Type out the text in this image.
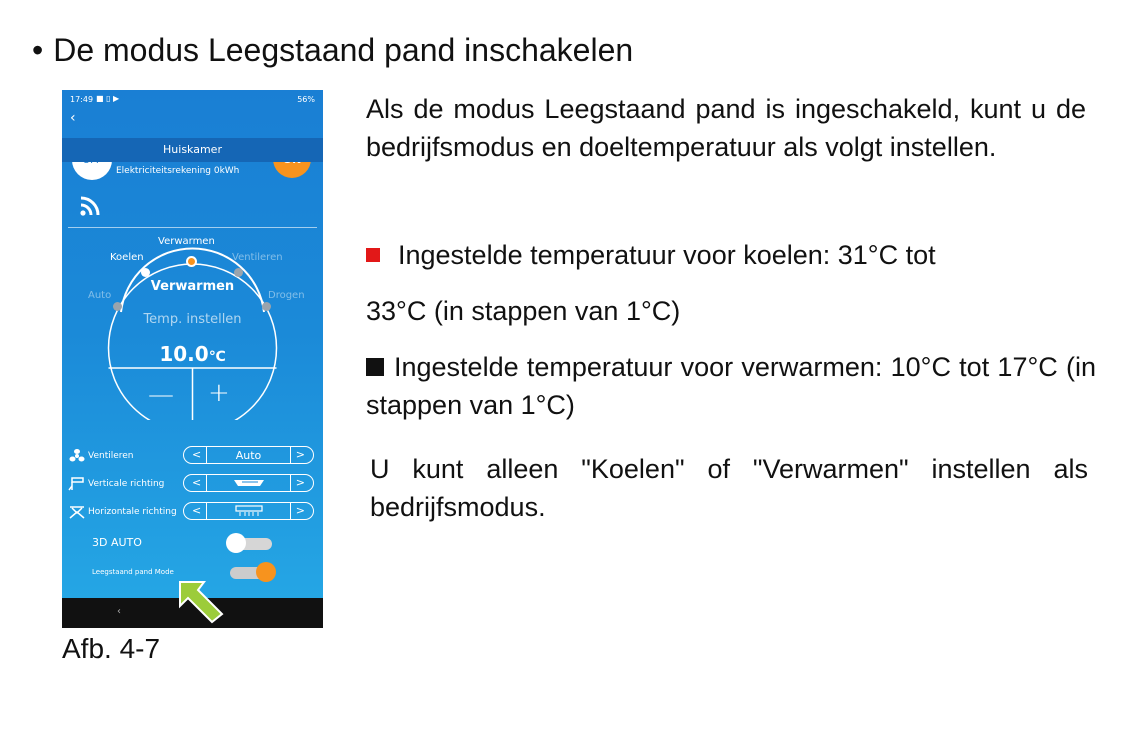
• De modus Leegstaand pand inschakelen
17:49 ■ ▯ ▶	56%
‹
Huiskamer
Elektriciteitsrekening 0kWh
Verwarmen
Koelen	Ventileren
Auto	Drogen
Verwarmen
Temp. instellen
10.0℃
— +
Ventileren	<	Auto	>
Verticale richting	<	>
Horizontale richting <	>
3D AUTO
Leegstaand pand Mode
‹
Afb. 4-7
Als de modus Leegstaand pand is ingeschakeld, kunt u de bedrijfsmodus en doeltemperatuur als volgt instellen.
Ingestelde temperatuur voor koelen: 31°C tot
33°C (in stappen van 1°C)
Ingestelde temperatuur voor verwarmen: 10°C tot 17°C (in stappen van 1°C)
U kunt alleen "Koelen" of "Verwarmen" instellen als bedrijfsmodus.
